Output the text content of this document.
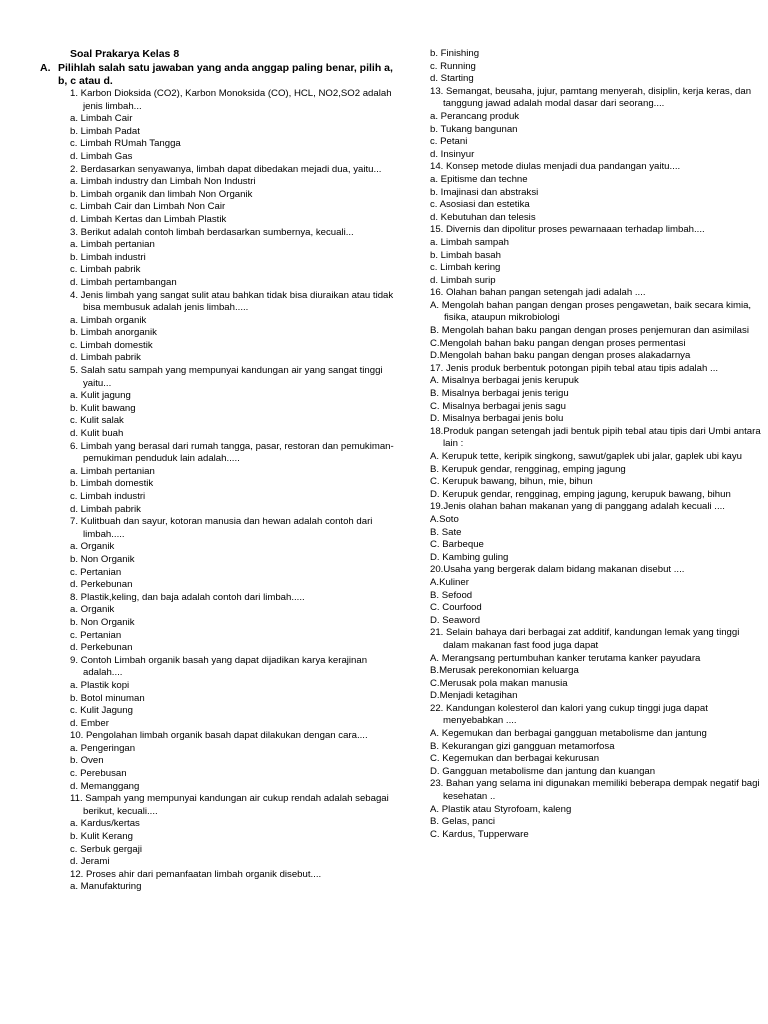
Soal Prakarya Kelas 8
A. Pilihlah salah satu jawaban yang anda anggap paling benar, pilih a, b, c atau d.
1. Karbon Dioksida (CO2), Karbon Monoksida (CO), HCL, NO2,SO2 adalah jenis limbah...
a. Limbah Cair
b. Limbah Padat
c. Limbah RUmah Tangga
d. Limbah Gas
2. Berdasarkan senyawanya, limbah dapat dibedakan mejadi dua, yaitu...
a. Limbah industry dan Limbah Non Industri
b. Limbah organik dan limbah Non Organik
c. Limbah Cair dan Limbah Non Cair
d. Limbah Kertas dan Limbah Plastik
3. Berikut adalah contoh limbah berdasarkan sumbernya, kecuali...
a. Limbah pertanian
b. Limbah industri
c. Limbah pabrik
d. Limbah pertambangan
4. Jenis limbah yang sangat sulit atau bahkan tidak bisa diuraikan atau tidak bisa membusuk adalah jenis limbah.....
a. Limbah organik
b. Limbah anorganik
c. Limbah domestik
d. Limbah pabrik
5. Salah satu sampah yang mempunyai kandungan air yang sangat tinggi yaitu...
a. Kulit jagung
b. Kulit bawang
c. Kulit salak
d. Kulit buah
6. Limbah yang berasal dari rumah tangga, pasar, restoran dan pemukiman-pemukiman penduduk lain adalah.....
a. Limbah pertanian
b. Limbah domestik
c. Limbah industri
d. Limbah pabrik
7. Kulitbuah dan sayur, kotoran manusia dan hewan adalah contoh dari limbah.....
a. Organik
b. Non Organik
c. Pertanian
d. Perkebunan
8. Plastik,keling, dan baja adalah contoh dari limbah.....
a. Organik
b. Non Organik
c. Pertanian
d. Perkebunan
9. Contoh Limbah organik basah yang dapat dijadikan karya kerajinan adalah....
a. Plastik kopi
b. Botol minuman
c. Kulit Jagung
d. Ember
10. Pengolahan limbah organik basah dapat dilakukan dengan cara....
a. Pengeringan
b. Oven
c. Perebusan
d. Memanggang
11. Sampah yang mempunyai kandungan air cukup rendah adalah sebagai berikut, kecuali....
a. Kardus/kertas
b. Kulit Kerang
c. Serbuk gergaji
d. Jerami
12. Proses ahir dari pemanfaatan limbah organik disebut....
a. Manufakturing
b. Finishing
c. Running
d. Starting
13. Semangat, beusaha, jujur, pamtang menyerah, disiplin, kerja keras, dan tanggung jawad adalah modal dasar dari seorang....
a. Perancang produk
b. Tukang bangunan
c. Petani
d. Insinyur
14. Konsep metode diulas menjadi dua pandangan yaitu....
a. Epitisme dan techne
b. Imajinasi dan abstraksi
c. Asosiasi dan estetika
d. Kebutuhan dan telesis
15. Divernis dan dipolitur proses pewarnaaan terhadap limbah....
a. Limbah sampah
b. Limbah basah
c. Limbah kering
d. Limbah surip
16. Olahan bahan pangan setengah jadi adalah ....
A. Mengolah bahan pangan dengan proses pengawetan, baik secara kimia, fisika, ataupun mikrobiologi
B. Mengolah bahan baku pangan dengan proses penjemuran dan asimilasi
C.Mengolah bahan baku pangan dengan proses permentasi
D.Mengolah bahan baku pangan dengan proses alakadarnya
17. Jenis produk berbentuk potongan pipih tebal atau tipis adalah ...
A. Misalnya berbagai jenis kerupuk
B. Misalnya berbagai jenis terigu
C. Misalnya berbagai jenis sagu
D. Misalnya berbagai jenis bolu
18.Produk pangan setengah jadi bentuk pipih tebal atau tipis dari Umbi antara lain :
A. Kerupuk tette, keripik singkong, sawut/gaplek ubi jalar, gaplek ubi kayu
B. Kerupuk gendar, rengginag, emping jagung
C. Kerupuk bawang, bihun, mie, bihun
D. Kerupuk gendar, rengginag, emping jagung, kerupuk bawang, bihun
19.Jenis olahan bahan makanan yang di panggang adalah kecuali ....
A.Soto
B. Sate
C. Barbeque
D. Kambing guling
20.Usaha yang bergerak dalam bidang makanan disebut ....
A.Kuliner
B. Sefood
C. Courfood
D. Seaword
21. Selain bahaya dari berbagai zat additif, kandungan lemak yang tinggi dalam makanan fast food juga dapat
A. Merangsang pertumbuhan kanker terutama kanker payudara
B.Merusak perekonomian keluarga
C.Merusak pola makan manusia
D.Menjadi ketagihan
22. Kandungan kolesterol dan kalori yang cukup tinggi juga dapat menyebabkan ....
A. Kegemukan dan berbagai gangguan metabolisme dan jantung
B. Kekurangan gizi gangguan metamorfosa
C. Kegemukan dan berbagai kekurusan
D. Gangguan metabolisme dan jantung dan kuangan
23. Bahan yang selama ini digunakan memiliki beberapa dempak negatif bagi kesehatan ..
A. Plastik atau Styrofoam, kaleng
B. Gelas, panci
C. Kardus, Tupperware
